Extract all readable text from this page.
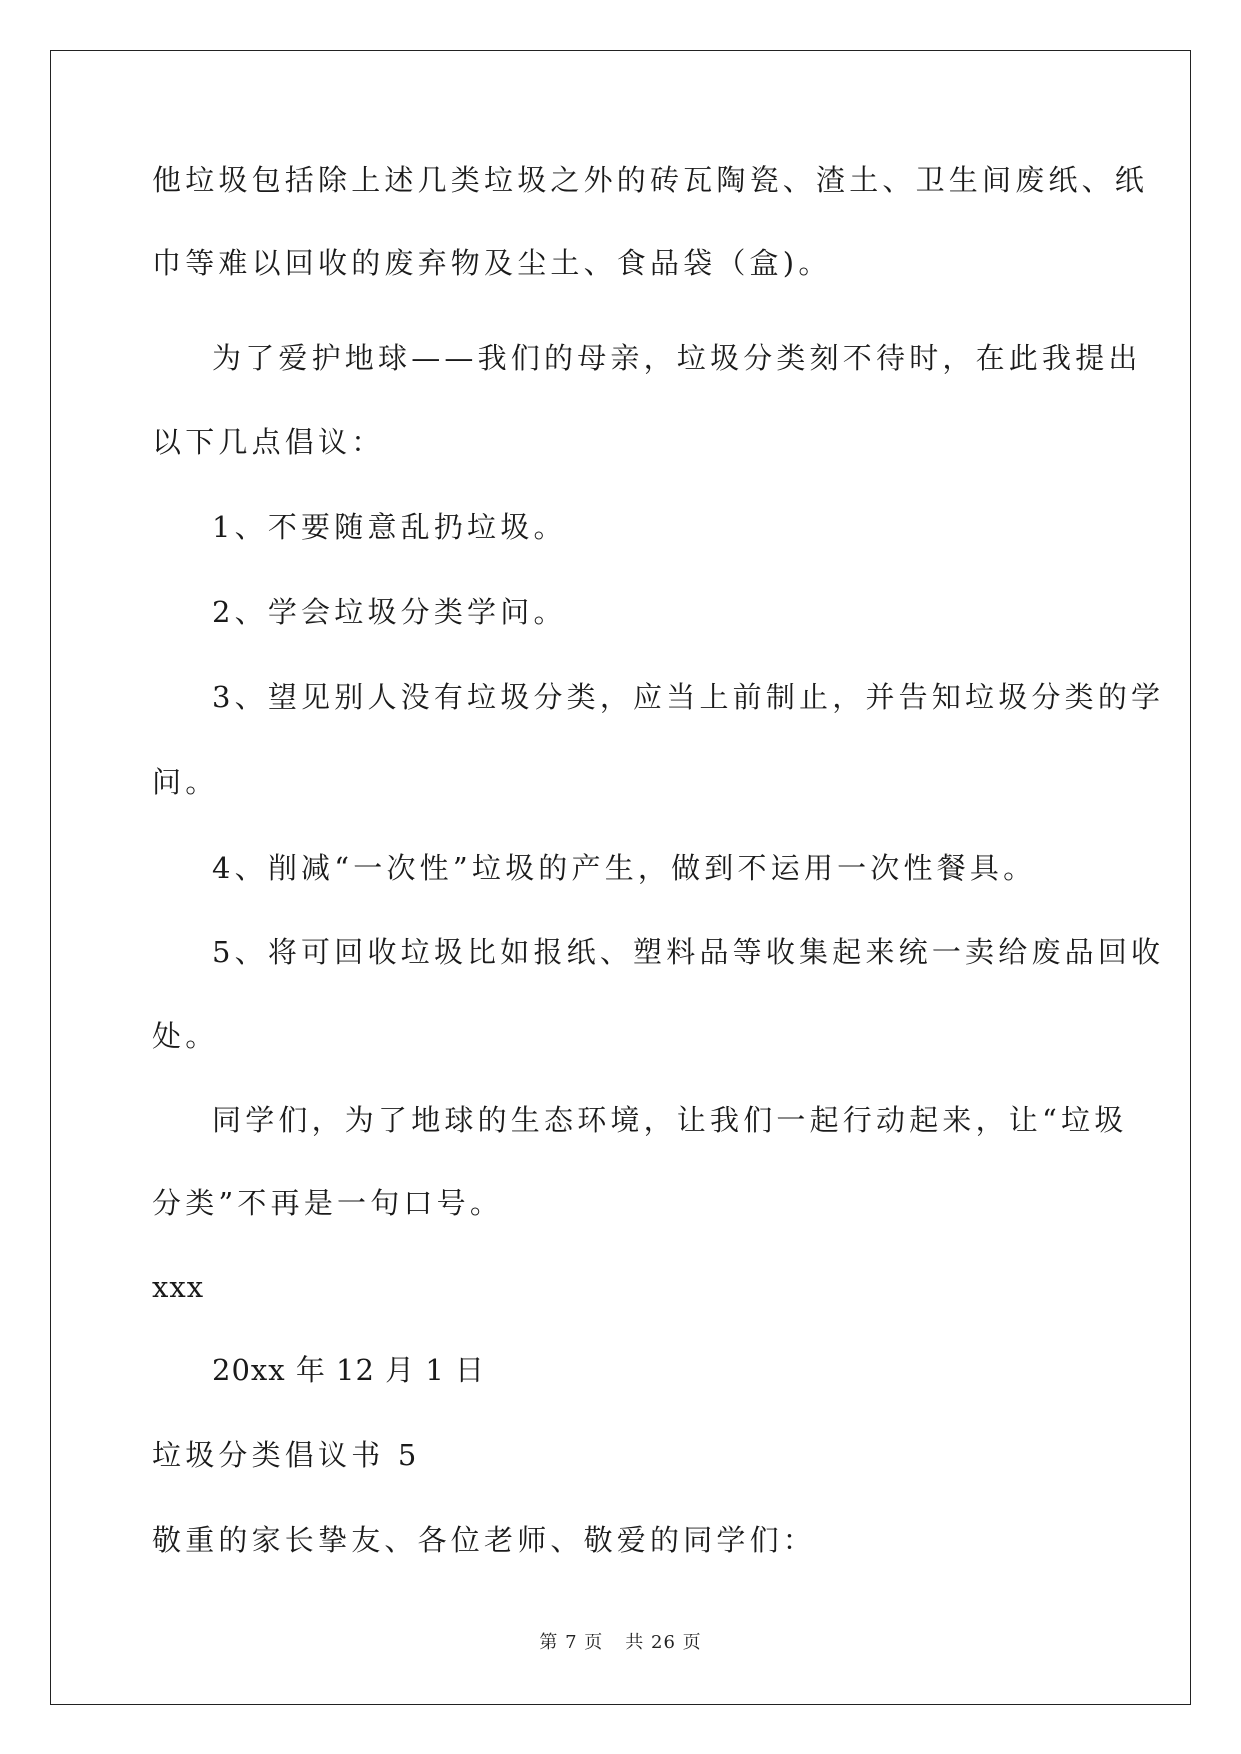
他垃圾包括除上述几类垃圾之外的砖瓦陶瓷、渣土、卫生间废纸、纸
巾等难以回收的废弃物及尘土、食品袋（盒)。
为了爱护地球——我们的母亲，垃圾分类刻不待时，在此我提出
以下几点倡议：
1、不要随意乱扔垃圾。
2、学会垃圾分类学问。
3、望见别人没有垃圾分类，应当上前制止，并告知垃圾分类的学
问。
4、削减“一次性”垃圾的产生，做到不运用一次性餐具。
5、将可回收垃圾比如报纸、塑料品等收集起来统一卖给废品回收
处。
同学们，为了地球的生态环境，让我们一起行动起来，让“垃圾
分类”不再是一句口号。
xxx
20xx 年 12 月 1 日
垃圾分类倡议书 5
敬重的家长挚友、各位老师、敬爱的同学们：
第 7 页 共 26 页
